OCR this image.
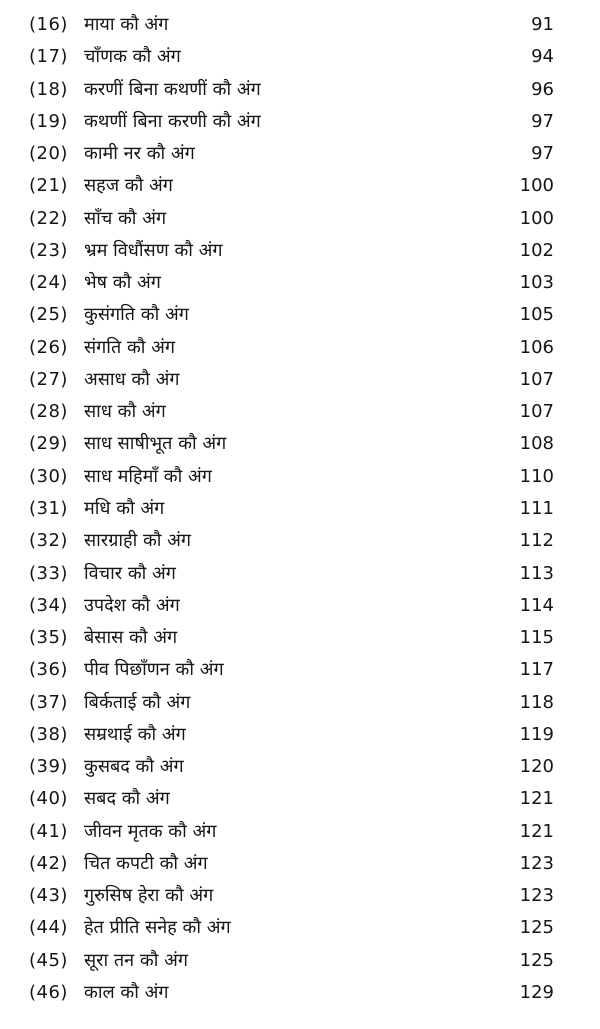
(16) माया कौ अंग	91
(17) चाँणक कौ अंग	94
(18) करणीं बिना कथणीं कौ अंग	96
(19) कथणीं बिना करणी कौ अंग	97
(20) कामी नर कौ अंग	97
(21) सहज कौ अंग	100
(22) साँच कौ अंग	100
(23) भ्रम विधौंसण कौ अंग	102
(24) भेष कौ अंग	103
(25) कुसंगति कौ अंग	105
(26) संगति कौ अंग	106
(27) असाध कौ अंग	107
(28) साध कौ अंग	107
(29) साध साषीभूत कौ अंग	108
(30) साध महिमाँ कौ अंग	110
(31) मधि कौ अंग	111
(32) सारग्राही कौ अंग	112
(33) विचार कौ अंग	113
(34) उपदेश कौ अंग	114
(35) बेसास कौ अंग	115
(36) पीव पिछाँणन कौ अंग	117
(37) बिर्कताई कौ अंग	118
(38) सम्रथाई कौ अंग	119
(39) कुसबद कौ अंग	120
(40) सबद कौ अंग	121
(41) जीवन मृतक कौ अंग	121
(42) चित कपटी कौ अंग	123
(43) गुरुसिष हेरा कौ अंग	123
(44) हेत प्रीति सनेह कौ अंग	125
(45) सूरा तन कौ अंग	125
(46) काल कौ अंग	129
